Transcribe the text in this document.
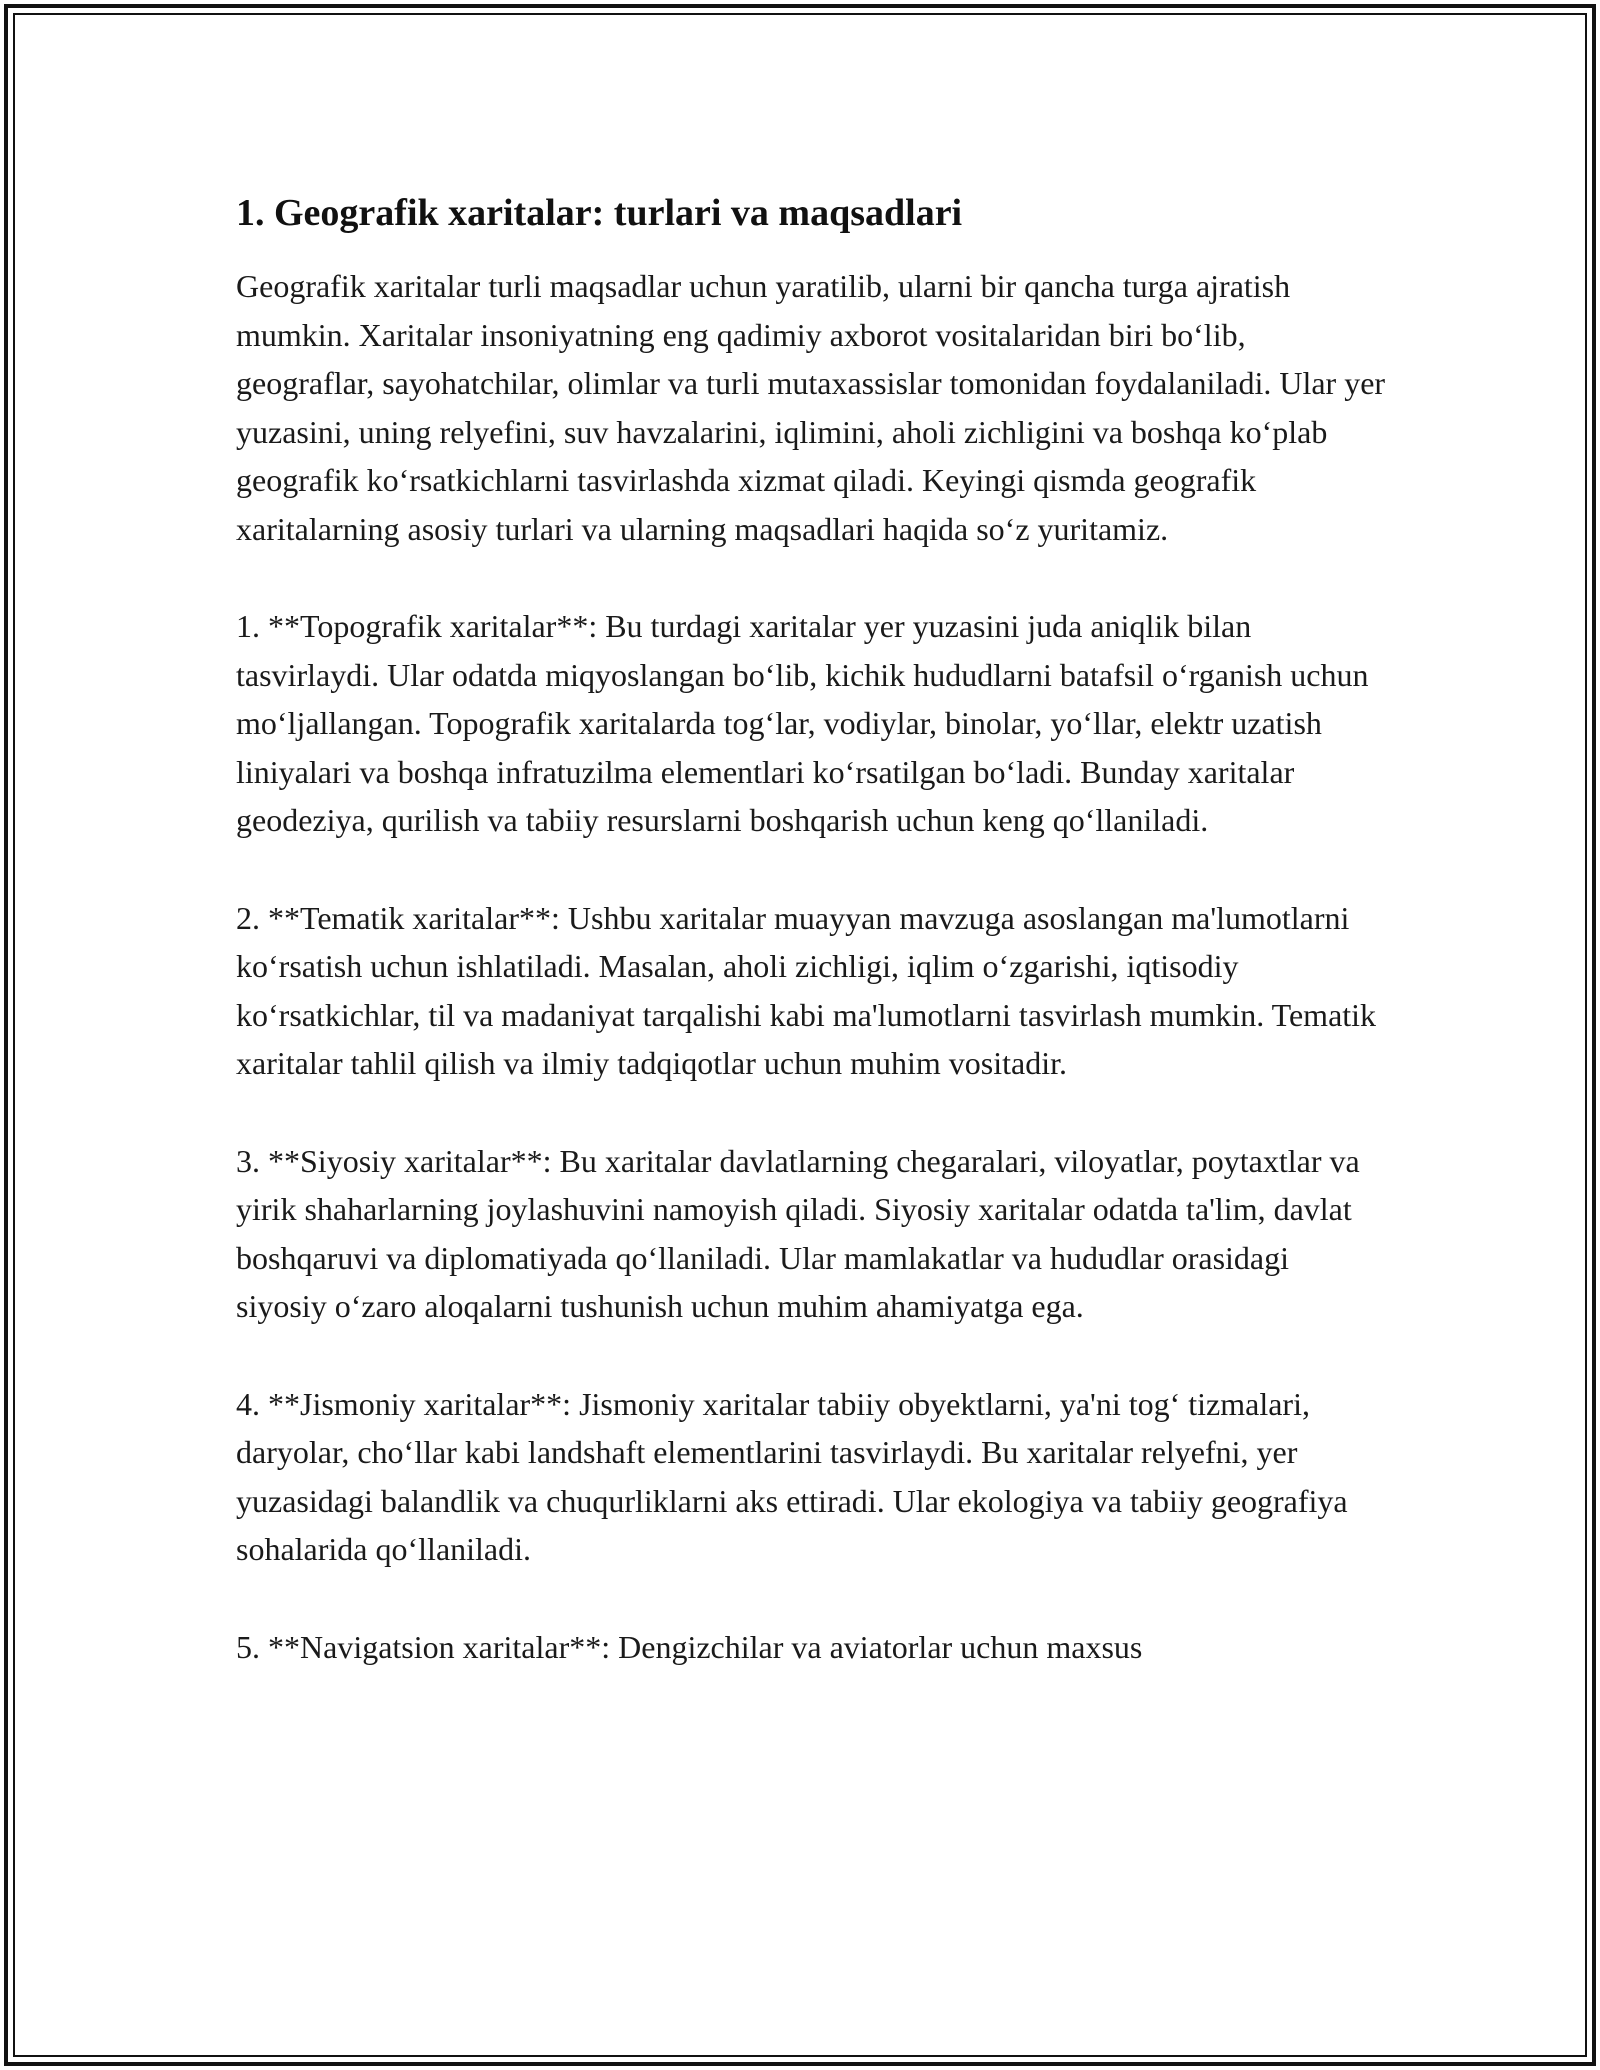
1. Geografik xaritalar: turlari va maqsadlari

Geografik xaritalar turli maqsadlar uchun yaratilib, ularni bir qancha turga ajratish mumkin. Xaritalar insoniyatning eng qadimiy axborot vositalaridan biri bo‘lib, geograflar, sayohatchilar, olimlar va turli mutaxassislar tomonidan foydalaniladi. Ular yer yuzasini, uning relyefini, suv havzalarini, iqlimini, aholi zichligini va boshqa ko‘plab geografik ko‘rsatkichlarni tasvirlashda xizmat qiladi. Keyingi qismda geografik xaritalarning asosiy turlari va ularning maqsadlari haqida so‘z yuritamiz.

1. **Topografik xaritalar**: Bu turdagi xaritalar yer yuzasini juda aniqlik bilan tasvirlaydi. Ular odatda miqyoslangan bo‘lib, kichik hududlarni batafsil o‘rganish uchun mo‘ljallangan. Topografik xaritalarda tog‘lar, vodiylar, binolar, yo‘llar, elektr uzatish liniyalari va boshqa infratuzilma elementlari ko‘rsatilgan bo‘ladi. Bunday xaritalar geodeziya, qurilish va tabiiy resurslarni boshqarish uchun keng qo‘llaniladi.

2. **Tematik xaritalar**: Ushbu xaritalar muayyan mavzuga asoslangan ma'lumotlarni ko‘rsatish uchun ishlatiladi. Masalan, aholi zichligi, iqlim o‘zgarishi, iqtisodiy ko‘rsatkichlar, til va madaniyat tarqalishi kabi ma'lumotlarni tasvirlash mumkin. Tematik xaritalar tahlil qilish va ilmiy tadqiqotlar uchun muhim vositadir.

3. **Siyosiy xaritalar**: Bu xaritalar davlatlarning chegaralari, viloyatlar, poytaxtlar va yirik shaharlarning joylashuvini namoyish qiladi. Siyosiy xaritalar odatda ta'lim, davlat boshqaruvi va diplomatiyada qo‘llaniladi. Ular mamlakatlar va hududlar orasidagi siyosiy o‘zaro aloqalarni tushunish uchun muhim ahamiyatga ega.

4. **Jismoniy xaritalar**: Jismoniy xaritalar tabiiy obyektlarni, ya'ni tog‘ tizmalari, daryolar, cho‘llar kabi landshaft elementlarini tasvirlaydi. Bu xaritalar relyefni, yer yuzasidagi balandlik va chuqurliklarni aks ettiradi. Ular ekologiya va tabiiy geografiya sohalarida qo‘llaniladi.

5. **Navigatsion xaritalar**: Dengizchilar va aviatorlar uchun maxsus
